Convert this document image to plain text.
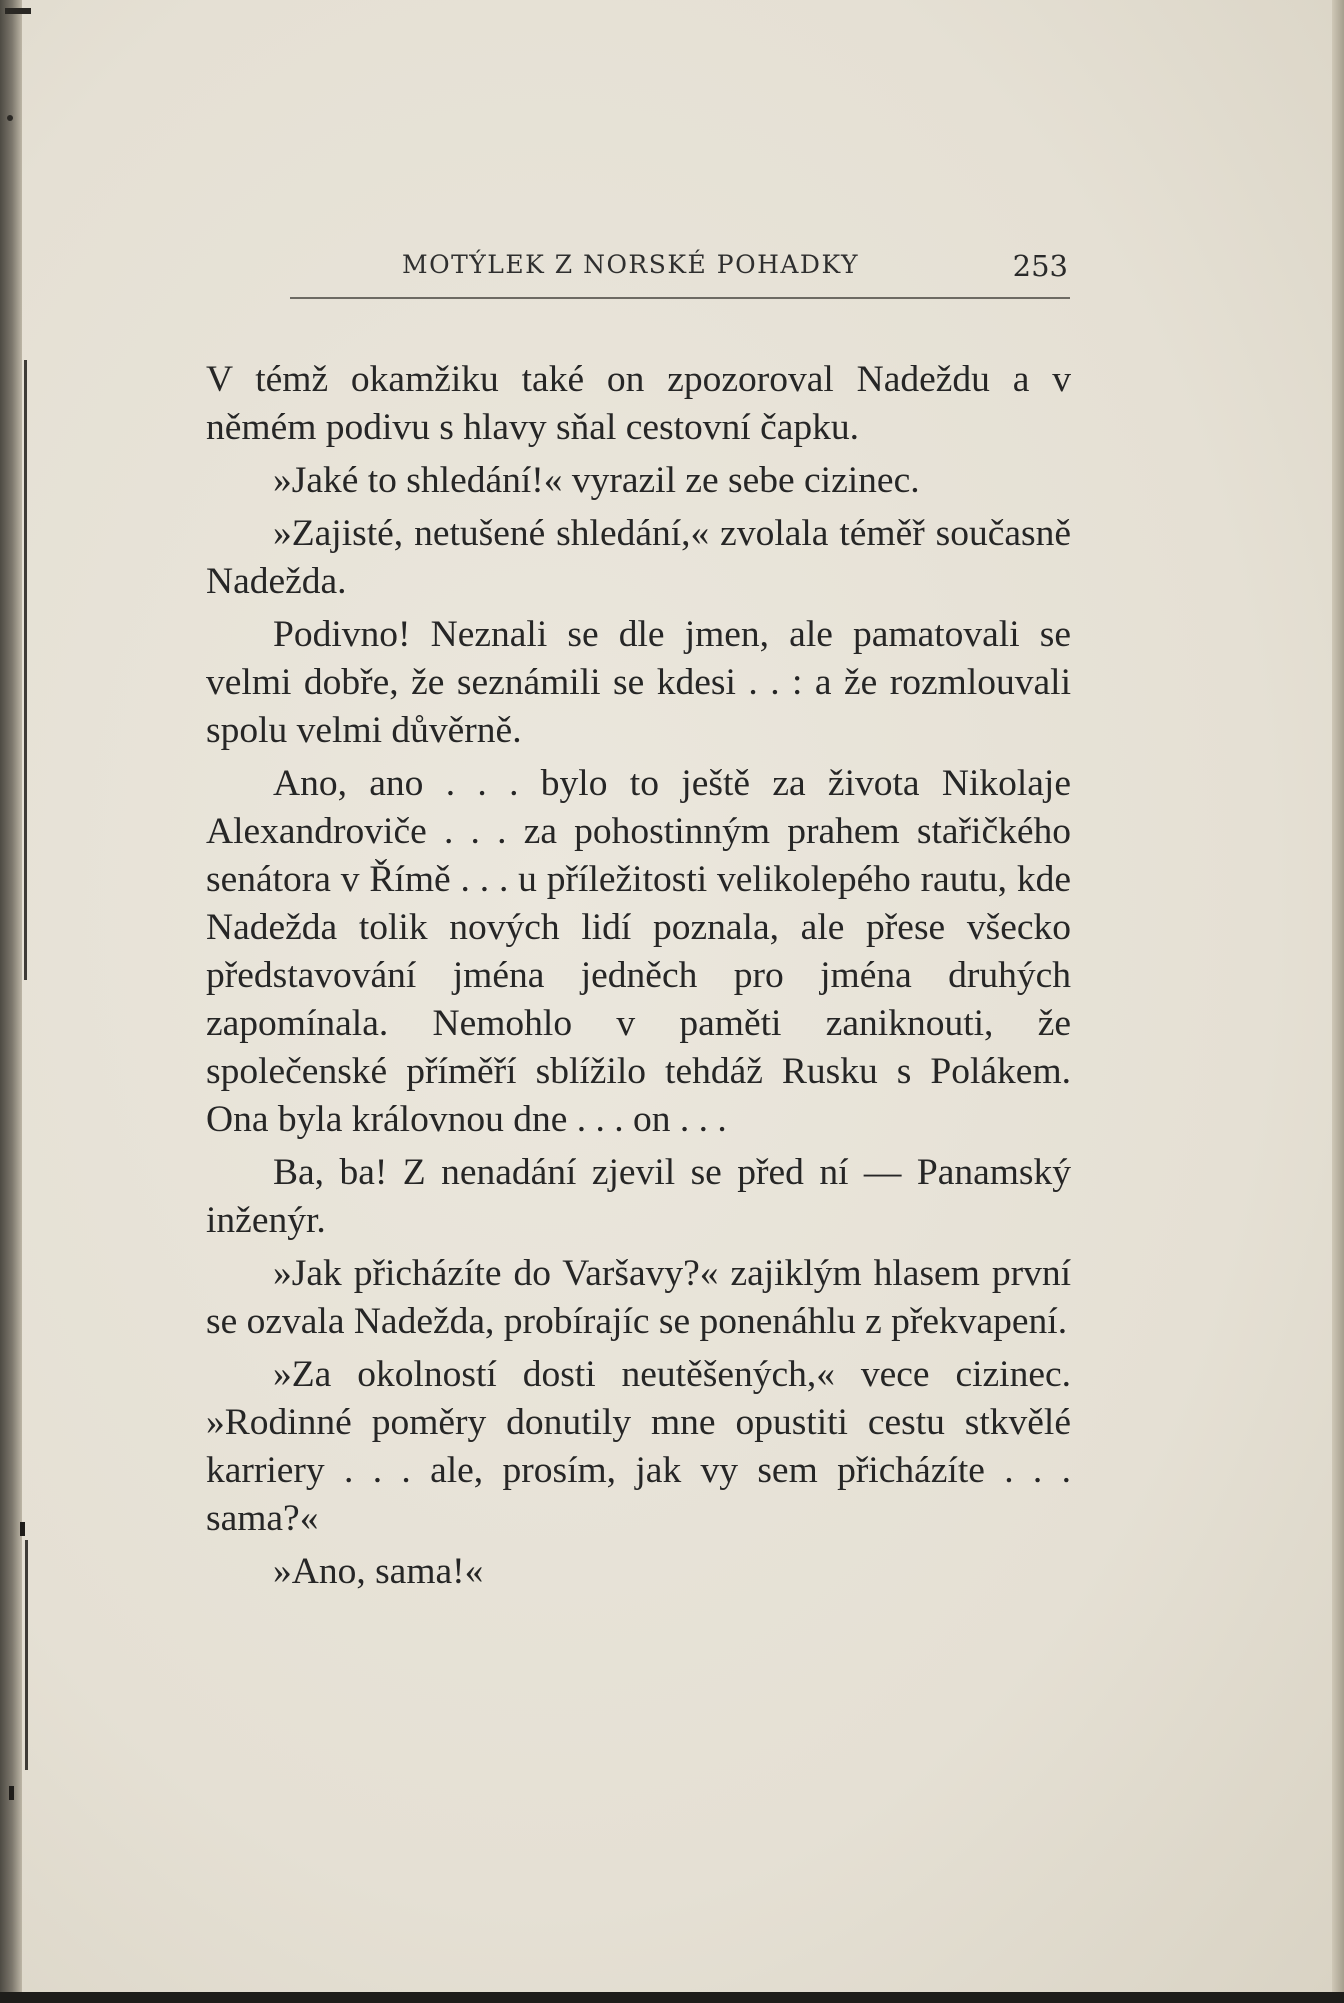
MOTÝLEK Z NORSKÉ POHADKY	253

V témž okamžiku také on zpozoroval Nadeždu a v němém podivu s hlavy sňal cestovní čapku.

»Jaké to shledání!« vyrazil ze sebe cizinec.

»Zajisté, netušené shledání,« zvolala téměř současně Nadežda.

Podivno! Neznali se dle jmen, ale pamatovali se velmi dobře, že seznámili se kdesi . . : a že rozmlouvali spolu velmi důvěrně.

Ano, ano . . . bylo to ještě za života Nikolaje Alexandroviče . . . za pohostinným prahem stařičkého senátora v Římě . . . u příležitosti velikolepého rautu, kde Nadežda tolik nových lidí poznala, ale přese všecko představování jména jedněch pro jména druhých zapomínala. Nemohlo v paměti zaniknouti, že společenské příměří sblížilo tehdáž Rusku s Polákem. Ona byla královnou dne . . . on . . .

Ba, ba! Z nenadání zjevil se před ní — Panamský inženýr.

»Jak přicházíte do Varšavy?« zajiklým hlasem první se ozvala Nadežda, probírajíc se ponenáhlu z překvapení.

»Za okolností dosti neutěšených,« vece cizinec. »Rodinné poměry donutily mne opustiti cestu stkvělé karriery . . . ale, prosím, jak vy sem přicházíte . . . sama?«

»Ano, sama!«
